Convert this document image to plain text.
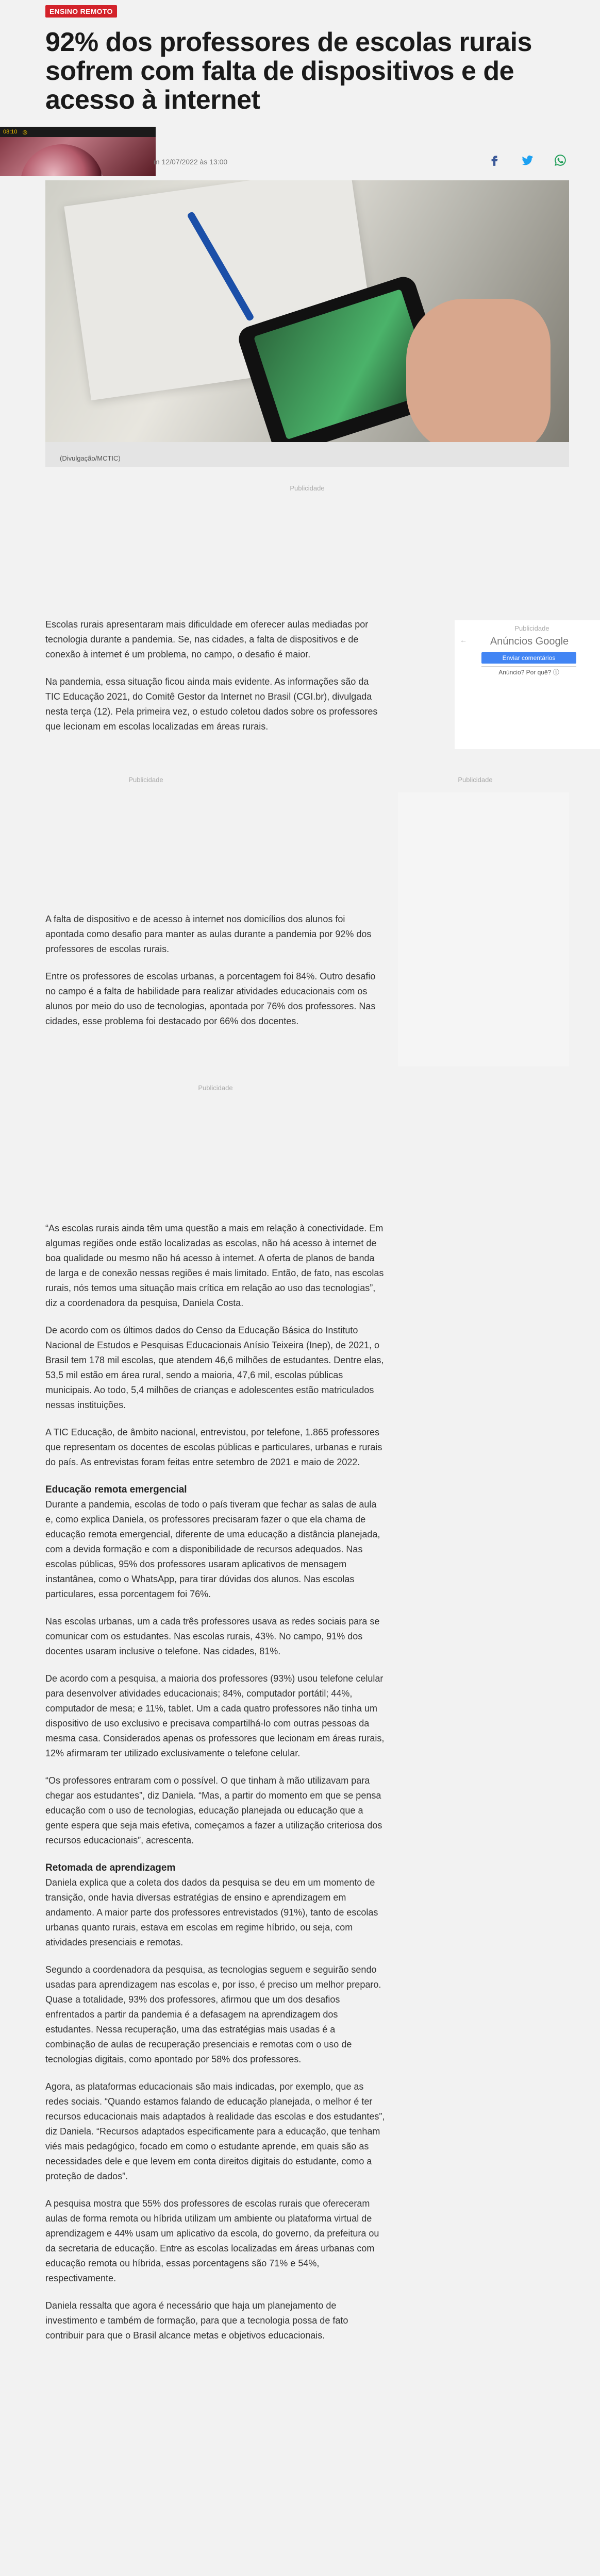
ENSINO REMOTO
92% dos professores de escolas rurais sofrem com falta de dispositivos e de acesso à internet
08:10 ◎
m 12/07/2022 às 13:00
(Divulgação/MCTIC)
Publicidade

Escolas rurais apresentaram mais dificuldade em oferecer aulas mediadas por tecnologia durante a pandemia. Se, nas cidades, a falta de dispositivos e de conexão à internet é um problema, no campo, o desafio é maior.

Na pandemia, essa situação ficou ainda mais evidente. As informações são da TIC Educação 2021, do Comitê Gestor da Internet no Brasil (CGI.br), divulgada nesta terça (12). Pela primeira vez, o estudo coletou dados sobre os professores que lecionam em escolas localizadas em áreas rurais.

Publicidade
←	Anúncios Google
Enviar comentários
Anúncio? Por quê? ⓘ
Publicidade	Publicidade

A falta de dispositivo e de acesso à internet nos domicílios dos alunos foi apontada como desafio para manter as aulas durante a pandemia por 92% dos professores de escolas rurais.

Entre os professores de escolas urbanas, a porcentagem foi 84%. Outro desafio no campo é a falta de habilidade para realizar atividades educacionais com os alunos por meio do uso de tecnologias, apontada por 76% dos professores. Nas cidades, esse problema foi destacado por 66% dos docentes.

Publicidade

“As escolas rurais ainda têm uma questão a mais em relação à conectividade. Em algumas regiões onde estão localizadas as escolas, não há acesso à internet de boa qualidade ou mesmo não há acesso à internet. A oferta de planos de banda de larga e de conexão nessas regiões é mais limitado. Então, de fato, nas escolas rurais, nós temos uma situação mais crítica em relação ao uso das tecnologias”, diz a coordenadora da pesquisa, Daniela Costa.

De acordo com os últimos dados do Censo da Educação Básica do Instituto Nacional de Estudos e Pesquisas Educacionais Anísio Teixeira (Inep), de 2021, o Brasil tem 178 mil escolas, que atendem 46,6 milhões de estudantes. Dentre elas, 53,5 mil estão em área rural, sendo a maioria, 47,6 mil, escolas públicas municipais. Ao todo, 5,4 milhões de crianças e adolescentes estão matriculados nessas instituições.

A TIC Educação, de âmbito nacional, entrevistou, por telefone, 1.865 professores que representam os docentes de escolas públicas e particulares, urbanas e rurais do país. As entrevistas foram feitas entre setembro de 2021 e maio de 2022.

Educação remota emergencial

Durante a pandemia, escolas de todo o país tiveram que fechar as salas de aula e, como explica Daniela, os professores precisaram fazer o que ela chama de educação remota emergencial, diferente de uma educação a distância planejada, com a devida formação e com a disponibilidade de recursos adequados. Nas escolas públicas, 95% dos professores usaram aplicativos de mensagem instantânea, como o WhatsApp, para tirar dúvidas dos alunos. Nas escolas particulares, essa porcentagem foi 76%.

Nas escolas urbanas, um a cada três professores usava as redes sociais para se comunicar com os estudantes. Nas escolas rurais, 43%. No campo, 91% dos docentes usaram inclusive o telefone. Nas cidades, 81%.

De acordo com a pesquisa, a maioria dos professores (93%) usou telefone celular para desenvolver atividades educacionais; 84%, computador portátil; 44%, computador de mesa; e 11%, tablet. Um a cada quatro professores não tinha um dispositivo de uso exclusivo e precisava compartilhá-lo com outras pessoas da mesma casa. Considerados apenas os professores que lecionam em áreas rurais, 12% afirmaram ter utilizado exclusivamente o telefone celular.

“Os professores entraram com o possível. O que tinham à mão utilizavam para chegar aos estudantes”, diz Daniela. “Mas, a partir do momento em que se pensa educação com o uso de tecnologias, educação planejada ou educação que a gente espera que seja mais efetiva, começamos a fazer a utilização criteriosa dos recursos educacionais”, acrescenta.

Retomada de aprendizagem

Daniela explica que a coleta dos dados da pesquisa se deu em um momento de transição, onde havia diversas estratégias de ensino e aprendizagem em andamento. A maior parte dos professores entrevistados (91%), tanto de escolas urbanas quanto rurais, estava em escolas em regime híbrido, ou seja, com atividades presenciais e remotas.

Segundo a coordenadora da pesquisa, as tecnologias seguem e seguirão sendo usadas para aprendizagem nas escolas e, por isso, é preciso um melhor preparo. Quase a totalidade, 93% dos professores, afirmou que um dos desafios enfrentados a partir da pandemia é a defasagem na aprendizagem dos estudantes. Nessa recuperação, uma das estratégias mais usadas é a combinação de aulas de recuperação presenciais e remotas com o uso de tecnologias digitais, como apontado por 58% dos professores.

Agora, as plataformas educacionais são mais indicadas, por exemplo, que as redes sociais. “Quando estamos falando de educação planejada, o melhor é ter recursos educacionais mais adaptados à realidade das escolas e dos estudantes”, diz Daniela. “Recursos adaptados especificamente para a educação, que tenham viés mais pedagógico, focado em como o estudante aprende, em quais são as necessidades dele e que levem em conta direitos digitais do estudante, como a proteção de dados”.

A pesquisa mostra que 55% dos professores de escolas rurais que ofereceram aulas de forma remota ou híbrida utilizam um ambiente ou plataforma virtual de aprendizagem e 44% usam um aplicativo da escola, do governo, da prefeitura ou da secretaria de educação. Entre as escolas localizadas em áreas urbanas com educação remota ou híbrida, essas porcentagens são 71% e 54%, respectivamente.

Daniela ressalta que agora é necessário que haja um planejamento de investimento e também de formação, para que a tecnologia possa de fato contribuir para que o Brasil alcance metas e objetivos educacionais.
